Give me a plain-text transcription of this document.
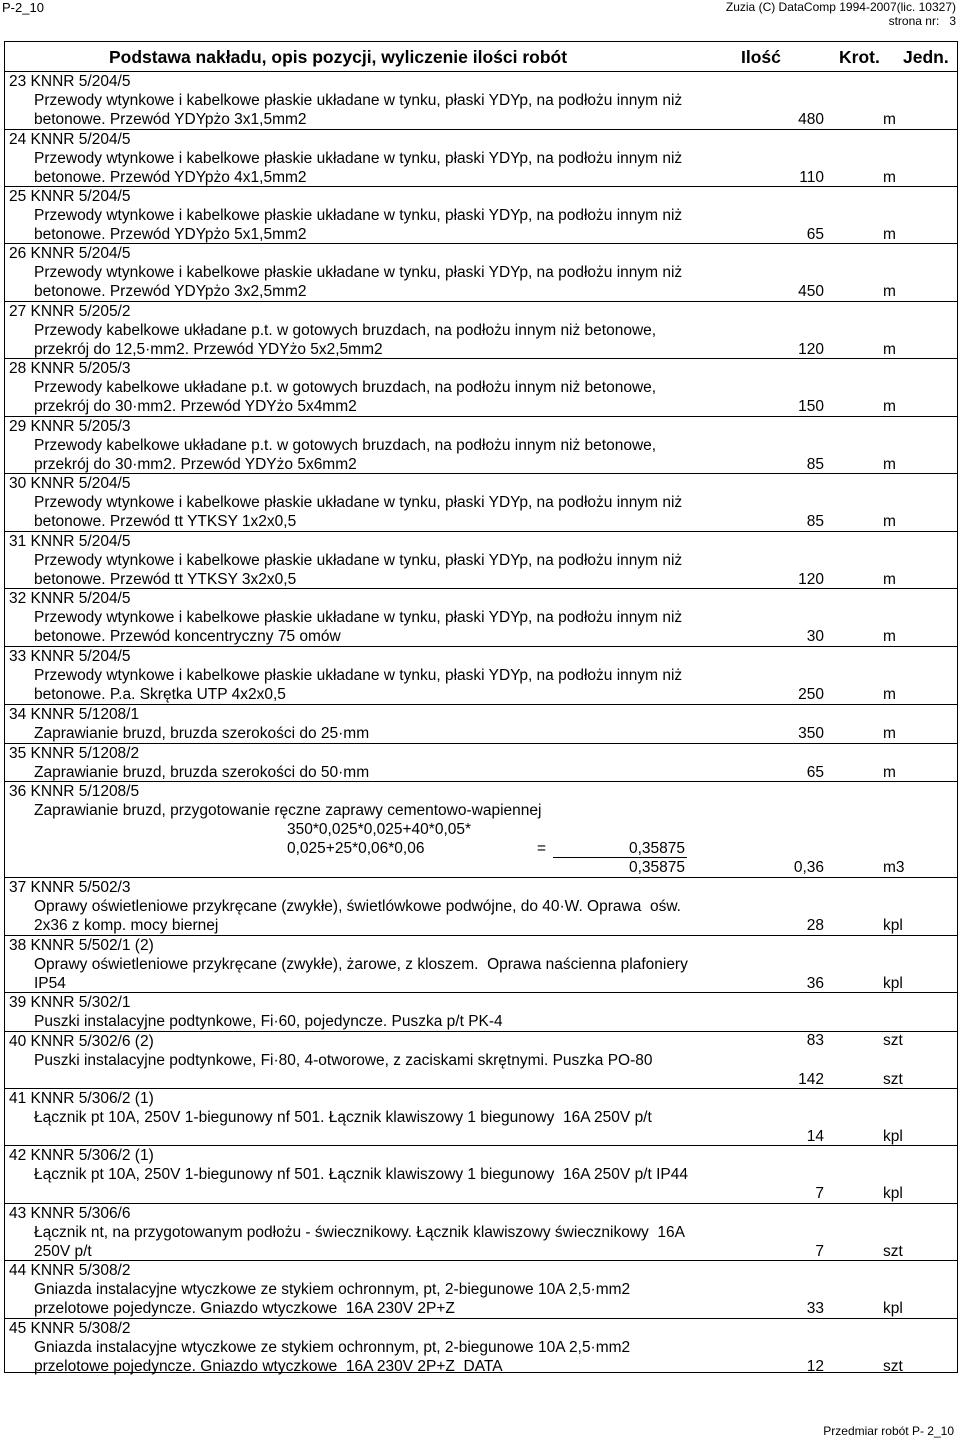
P-2_10	Zuzia (C) DataComp 1994-2007(lic. 10327)
strona nr: 3
Podstawa nakładu, opis pozycji, wyliczenie ilości robót	Ilość	Krot. Jedn.
23 KNNR 5/204/5
Przewody wtynkowe i kabelkowe płaskie układane w tynku, płaski YDYp, na podłożu innym niż betonowe. Przewód YDYpżo 3x1,5mm2	480	m
24 KNNR 5/204/5
Przewody wtynkowe i kabelkowe płaskie układane w tynku, płaski YDYp, na podłożu innym niż betonowe. Przewód YDYpżo 4x1,5mm2	110	m
25 KNNR 5/204/5
Przewody wtynkowe i kabelkowe płaskie układane w tynku, płaski YDYp, na podłożu innym niż betonowe. Przewód YDYpżo 5x1,5mm2	65	m
26 KNNR 5/204/5
Przewody wtynkowe i kabelkowe płaskie układane w tynku, płaski YDYp, na podłożu innym niż betonowe. Przewód YDYpżo 3x2,5mm2	450	m
27 KNNR 5/205/2
Przewody kabelkowe układane p.t. w gotowych bruzdach, na podłożu innym niż betonowe, przekrój do 12,5·mm2. Przewód YDYżo 5x2,5mm2	120	m
28 KNNR 5/205/3
Przewody kabelkowe układane p.t. w gotowych bruzdach, na podłożu innym niż betonowe, przekrój do 30·mm2. Przewód YDYżo 5x4mm2	150	m
29 KNNR 5/205/3
Przewody kabelkowe układane p.t. w gotowych bruzdach, na podłożu innym niż betonowe, przekrój do 30·mm2. Przewód YDYżo 5x6mm2	85	m
30 KNNR 5/204/5
Przewody wtynkowe i kabelkowe płaskie układane w tynku, płaski YDYp, na podłożu innym niż betonowe. Przewód tt YTKSY 1x2x0,5	85	m
31 KNNR 5/204/5
Przewody wtynkowe i kabelkowe płaskie układane w tynku, płaski YDYp, na podłożu innym niż betonowe. Przewód tt YTKSY 3x2x0,5	120	m
32 KNNR 5/204/5
Przewody wtynkowe i kabelkowe płaskie układane w tynku, płaski YDYp, na podłożu innym niż betonowe. Przewód koncentryczny 75 omów	30	m
33 KNNR 5/204/5
Przewody wtynkowe i kabelkowe płaskie układane w tynku, płaski YDYp, na podłożu innym niż betonowe. P.a. Skrętka UTP 4x2x0,5	250	m
34 KNNR 5/1208/1
Zaprawianie bruzd, bruzda szerokości do 25·mm	350	m
35 KNNR 5/1208/2
Zaprawianie bruzd, bruzda szerokości do 50·mm	65	m
36 KNNR 5/1208/5
Zaprawianie bruzd, przygotowanie ręczne zaprawy cementowo-wapiennej
350*0,025*0,025+40*0,05*
0,025+25*0,06*0,06	=	0,35875
0,35875	0,36	m3
37 KNNR 5/502/3
Oprawy oświetleniowe przykręcane (zwykłe), świetlówkowe podwójne, do 40·W. Oprawa  ośw. 2x36 z komp. mocy biernej	28	kpl
38 KNNR 5/502/1 (2)
Oprawy oświetleniowe przykręcane (zwykłe), żarowe, z kloszem.  Oprawa naścienna plafoniery IP54	36	kpl
39 KNNR 5/302/1
Puszki instalacyjne podtynkowe, Fi·60, pojedyncze. Puszka p/t PK-4
83	szt
40 KNNR 5/302/6 (2)
Puszki instalacyjne podtynkowe, Fi·80, 4-otworowe, z zaciskami skrętnymi. Puszka PO-80
142	szt
41 KNNR 5/306/2 (1)
Łącznik pt 10A, 250V 1-biegunowy nf 501. Łącznik klawiszowy 1 biegunowy  16A 250V p/t
14	kpl
42 KNNR 5/306/2 (1)
Łącznik pt 10A, 250V 1-biegunowy nf 501. Łącznik klawiszowy 1 biegunowy  16A 250V p/t IP44
7	kpl
43 KNNR 5/306/6
Łącznik nt, na przygotowanym podłożu - świecznikowy. Łącznik klawiszowy świecznikowy  16A 250V p/t	7	szt
44 KNNR 5/308/2
Gniazda instalacyjne wtyczkowe ze stykiem ochronnym, pt, 2-biegunowe 10A 2,5·mm2 przelotowe pojedyncze. Gniazdo wtyczkowe  16A 230V 2P+Z	33	kpl
45 KNNR 5/308/2
Gniazda instalacyjne wtyczkowe ze stykiem ochronnym, pt, 2-biegunowe 10A 2,5·mm2 przelotowe pojedyncze. Gniazdo wtyczkowe  16A 230V 2P+Z  DATA	12	szt
Przedmiar robót P- 2_10
